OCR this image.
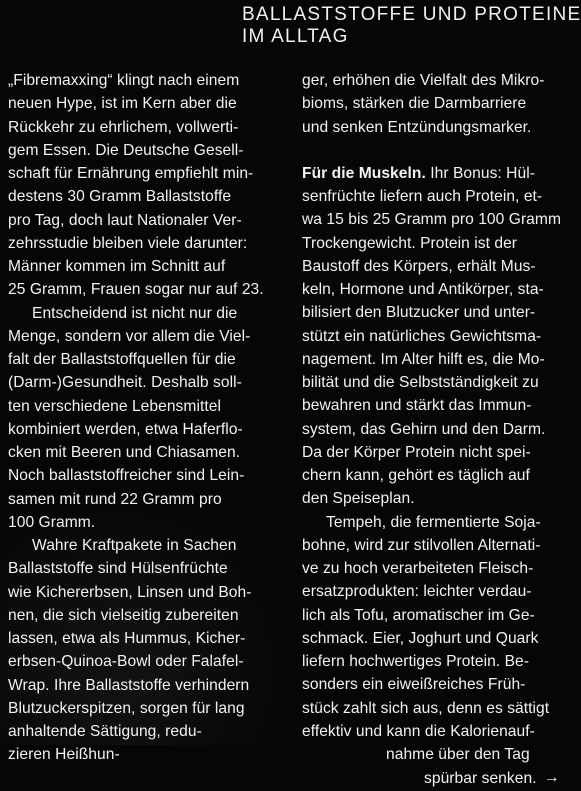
BALLASTSTOFFE UND PROTEINE
IM ALLTAG
„Fibremaxxing“ klingt nach einem
neuen Hype, ist im Kern aber die
Rückkehr zu ehrlichem, vollwerti-
gem Essen. Die Deutsche Gesell-
schaft für Ernährung empfiehlt min-
destens 30 Gramm Ballaststoffe
pro Tag, doch laut Nationaler Ver-
zehrsstudie bleiben viele darunter:
Männer kommen im Schnitt auf
25 Gramm, Frauen sogar nur auf 23.
Entscheidend ist nicht nur die
Menge, sondern vor allem die Viel-
falt der Ballaststoffquellen für die
(Darm-)Gesundheit. Deshalb soll-
ten verschiedene Lebensmittel
kombiniert werden, etwa Haferflo-
cken mit Beeren und Chiasamen.
Noch ballaststoffreicher sind Lein-
samen mit rund 22 Gramm pro
100 Gramm.
Wahre Kraftpakete in Sachen
Ballaststoffe sind Hülsenfrüchte
wie Kichererbsen, Linsen und Boh-
nen, die sich vielseitig zubereiten
lassen, etwa als Hummus, Kicher-
erbsen-Quinoa-Bowl oder Falafel-
Wrap. Ihre Ballaststoffe verhindern
Blutzuckerspitzen, sorgen für lang
anhaltende Sättigung, redu-
zieren Heißhun-
ger, erhöhen die Vielfalt des Mikro-
bioms, stärken die Darmbarriere
und senken Entzündungsmarker.
Für die Muskeln. Ihr Bonus: Hül-
senfrüchte liefern auch Protein, et-
wa 15 bis 25 Gramm pro 100 Gramm
Trockengewicht. Protein ist der
Baustoff des Körpers, erhält Mus-
keln, Hormone und Antikörper, sta-
bilisiert den Blutzucker und unter-
stützt ein natürliches Gewichtsma-
nagement. Im Alter hilft es, die Mo-
bilität und die Selbstständigkeit zu
bewahren und stärkt das Immun-
system, das Gehirn und den Darm.
Da der Körper Protein nicht spei-
chern kann, gehört es täglich auf
den Speiseplan.
Tempeh, die fermentierte Soja-
bohne, wird zur stilvollen Alternati-
ve zu hoch verarbeiteten Fleisch-
ersatzprodukten: leichter verdau-
lich als Tofu, aromatischer im Ge-
schmack. Eier, Joghurt und Quark
liefern hochwertiges Protein. Be-
sonders ein eiweißreiches Früh-
stück zahlt sich aus, denn es sättigt
effektiv und kann die Kalorienauf-
nahme über den Tag
spürbar senken. →
